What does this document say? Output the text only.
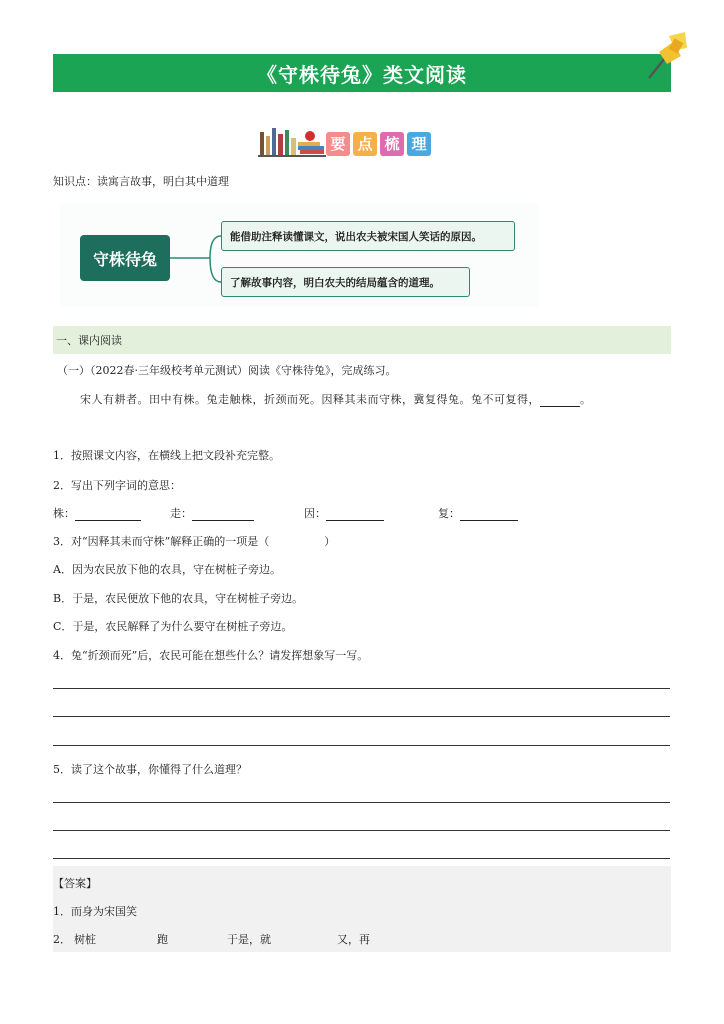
《守株待兔》类文阅读
要 点 梳 理
知识点：读寓言故事，明白其中道理
守株待兔
能借助注释读懂课文，说出农夫被宋国人笑话的原因。
了解故事内容，明白农夫的结局蕴含的道理。
一、课内阅读
（一）（2022春·三年级校考单元测试）阅读《守株待兔》，完成练习。
宋人有耕者。田中有株。兔走触株，折颈而死。因释其耒而守株，冀复得兔。兔不可复得，	。
1．按照课文内容，在横线上把文段补充完整。
2．写出下列字词的意思：
株：	走：	因：	复：
3．对“因释其耒而守株”解释正确的一项是（　　　　　）
A．因为农民放下他的农具，守在树桩子旁边。
B．于是，农民便放下他的农具，守在树桩子旁边。
C．于是，农民解释了为什么要守在树桩子旁边。
4．兔“折颈而死”后，农民可能在想些什么？请发挥想象写一写。
5．读了这个故事，你懂得了什么道理？
【答案】
1．而身为宋国笑
2． 树桩	跑	于是，就	又，再
